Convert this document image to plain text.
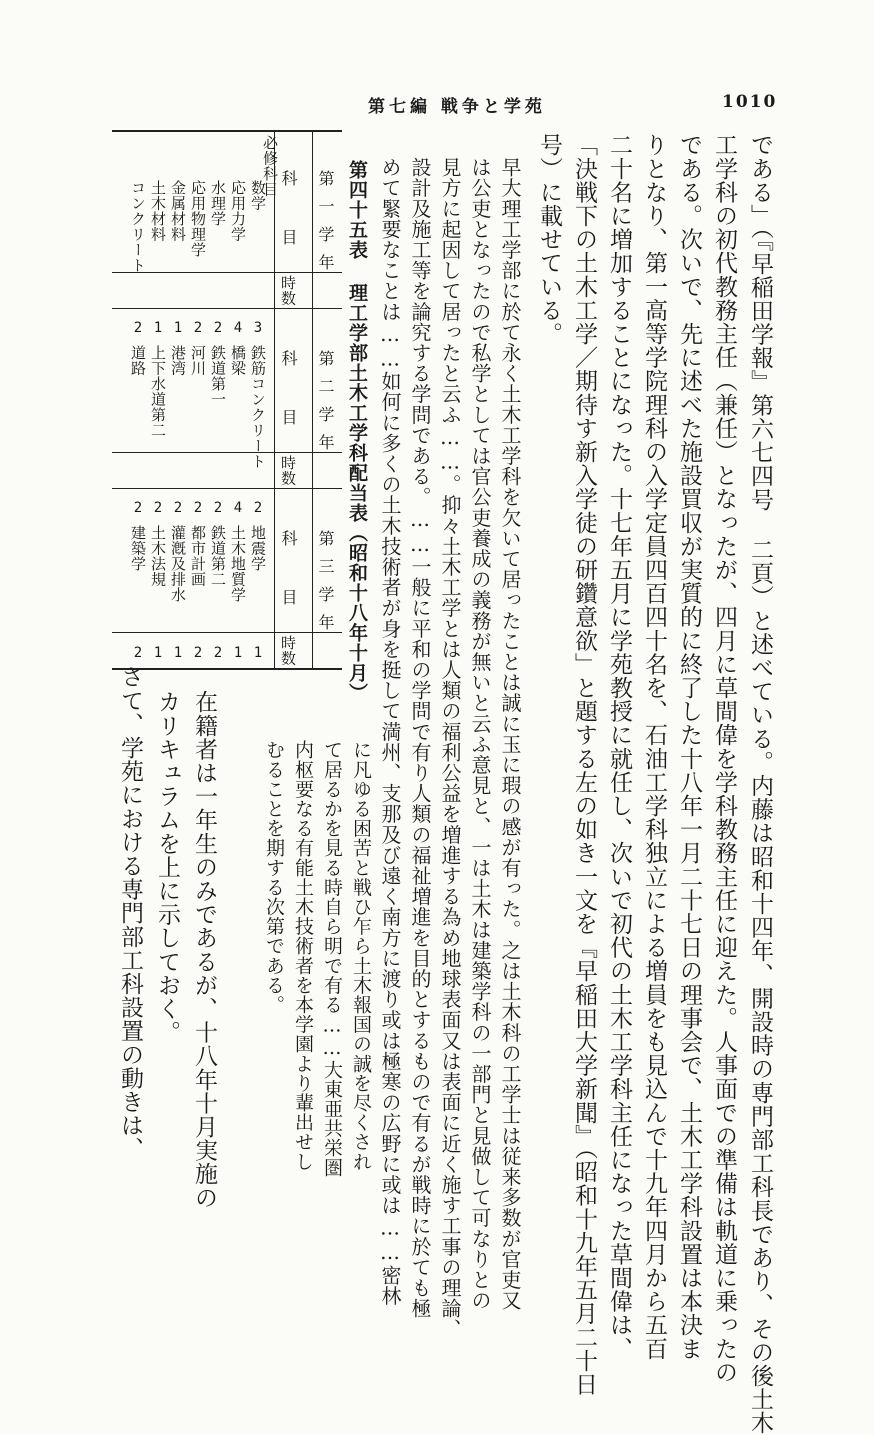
第七編 戦争と学苑	1010
である」（『早稲田学報』第六七四号 二頁）と述べている。内藤は昭和十四年、開設時の専門部工科長であり、その後土木
工学科の初代教務主任（兼任）となったが、四月に草間偉を学科教務主任に迎えた。人事面での準備は軌道に乗ったの
である。次いで、先に述べた施設買収が実質的に終了した十八年一月二十七日の理事会で、土木工学科設置は本決ま
りとなり、第一高等学院理科の入学定員四百四十名を、石油工学科独立による増員をも見込んで十九年四月から五百
二十名に増加することになった。十七年五月に学苑教授に就任し、次いで初代の土木工学科主任になった草間偉は、
「決戦下の土木工学／期待す新入学徒の研鑽意欲」と題する左の如き一文を『早稲田大学新聞』（昭和十九年五月二十日
号）に載せている。
早大理工学部に於て永く土木工学科を欠いて居ったことは誠に玉に瑕の感が有った。之は土木科の工学士は従来多数が官吏又
は公吏となったので私学としては官公吏養成の義務が無いと云ふ意見と、一は土木は建築学科の一部門と見做して可なりとの
見方に起因して居ったと云ふ……。抑々土木工学とは人類の福利公益を増進する為め地球表面又は表面に近く施す工事の理論、
設計及施工等を論究する学問である。……一般に平和の学問で有り人類の福祉増進を目的とするもので有るが戦時に於ても極
めて緊要なことは……如何に多くの土木技術者が身を挺して満州、支那及び遠く南方に渡り或は極寒の広野に或は……密林
に凡ゆる困苦と戦ひ乍ら土木報国の誠を尽くされ
て居るかを見る時自ら明で有る……大東亜共栄圏
内枢要なる有能土木技術者を本学園より輩出せし
むることを期する次第である。
第四十五表 理工学部土木工学科配当表（昭和十八年十月）
必修科目
第一学年
科 目
時数
数学
応用力学
水理学
応用物理学
金属材料
土木材料
コンクリート
3
4
2
2
1
1
2
第二学年
科 目
時数
鉄筋コンクリート
橋梁
鉄道第一
河川
港湾
上下水道第二
道路
2
4
2
2
2
2
2
第三学年
科 目
時数
地震学
土木地質学
鉄道第二
都市計画
灌漑及排水
土木法規
建築学
1
1
2
2
1
1
2
在籍者は一年生のみであるが、十八年十月実施の
カリキュラムを上に示しておく。
さて、学苑における専門部工科設置の動きは、
